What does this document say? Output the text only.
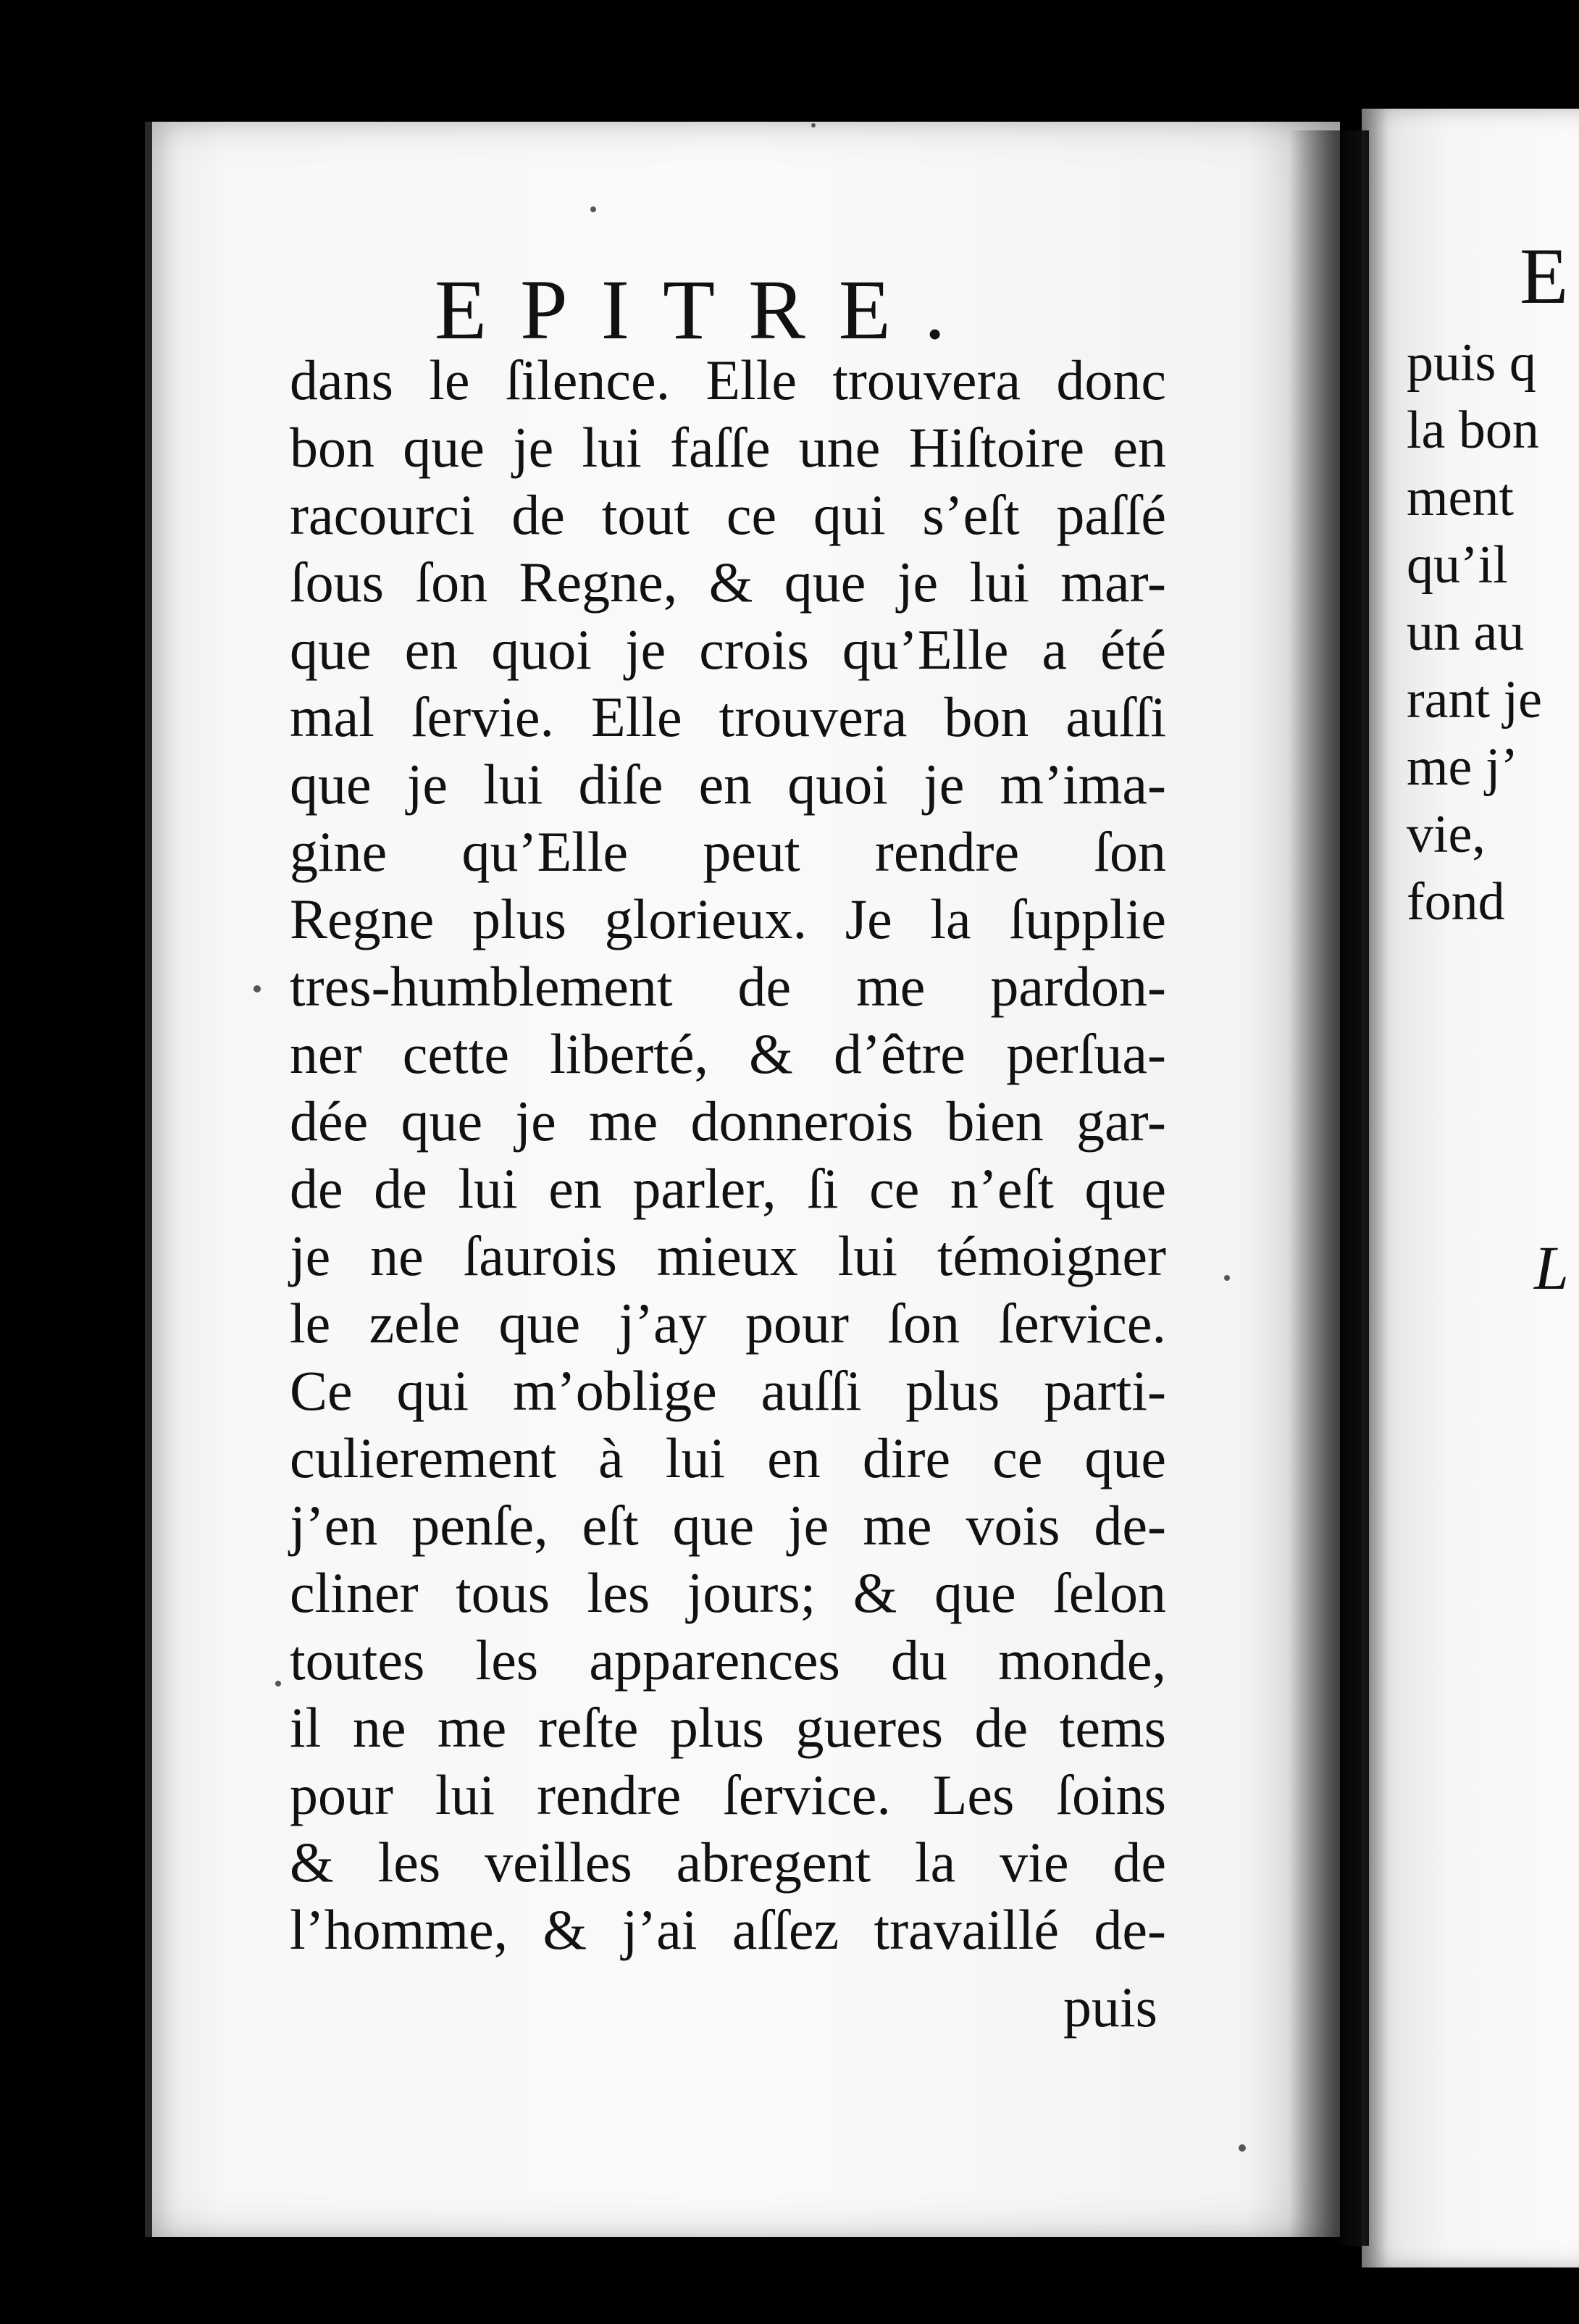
EPITRE.
dans le ſilence. Elle trouvera donc
bon que je lui faſſe une Hiſtoire en
racourci de tout ce qui s’eſt paſſé
ſous ſon Regne, & que je lui mar-
que en quoi je crois qu’Elle a été
mal ſervie. Elle trouvera bon auſſi
que je lui diſe en quoi je m’ima-
gine qu’Elle peut rendre ſon
Regne plus glorieux. Je la ſupplie
tres-humblement de me pardon-
ner cette liberté, & d’être perſua-
dée que je me donnerois bien gar-
de de lui en parler, ſi ce n’eſt que
je ne ſaurois mieux lui témoigner
le zele que j’ay pour ſon ſervice.
Ce qui m’oblige auſſi plus parti-
culierement à lui en dire ce que
j’en penſe, eſt que je me vois de-
cliner tous les jours; & que ſelon
toutes les apparences du monde,
il ne me reſte plus gueres de tems
pour lui rendre ſervice. Les ſoins
& les veilles abregent la vie de
l’homme, & j’ai aſſez travaillé de-
puis
E
puis q
la bon
ment
qu’il
un au
rant je
me j’
vie,
fond
L
